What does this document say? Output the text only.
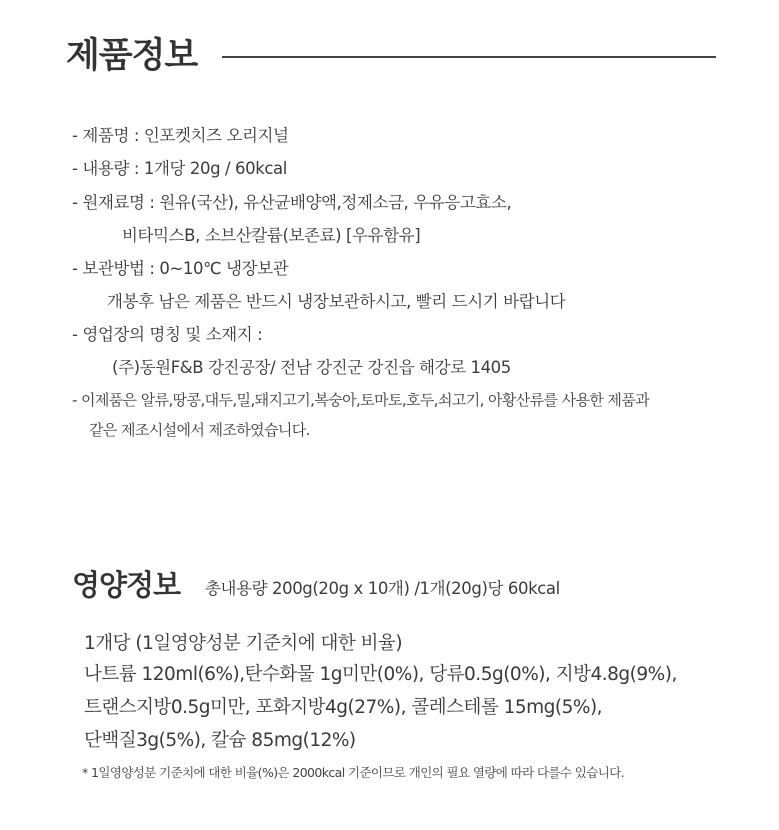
제품정보
- 제품명 : 인포켓치즈 오리지널
- 내용량 : 1개당 20g / 60kcal
- 원재료명 : 원유(국산), 유산균배양액,정제소금, 우유응고효소,
비타믹스B, 소브산칼륨(보존료) [우유함유]
- 보관방법 : 0~10℃ 냉장보관
개봉후 남은 제품은 반드시 냉장보관하시고, 빨리 드시기 바랍니다
- 영업장의 명칭 및 소재지 :
(주)동원F&B 강진공장/ 전남 강진군 강진읍 해강로 1405
- 이제품은 알류,땅콩,대두,밀,돼지고기,복숭아,토마토,호두,쇠고기, 아황산류를 사용한 제품과
같은 제조시설에서 제조하였습니다.
영양정보 총내용량 200g(20g x 10개) /1개(20g)당 60kcal
1개당 (1일영양성분 기준치에 대한 비율)
나트륨 120ml(6%),탄수화물 1g미만(0%), 당류0.5g(0%), 지방4.8g(9%),
트랜스지방0.5g미만, 포화지방4g(27%), 콜레스테롤 15mg(5%),
단백질3g(5%), 칼슘 85mg(12%)
* 1일영양성분 기준치에 대한 비율(%)은 2000kcal 기준이므로 개인의 필요 열량에 따라 다를수 있습니다.
